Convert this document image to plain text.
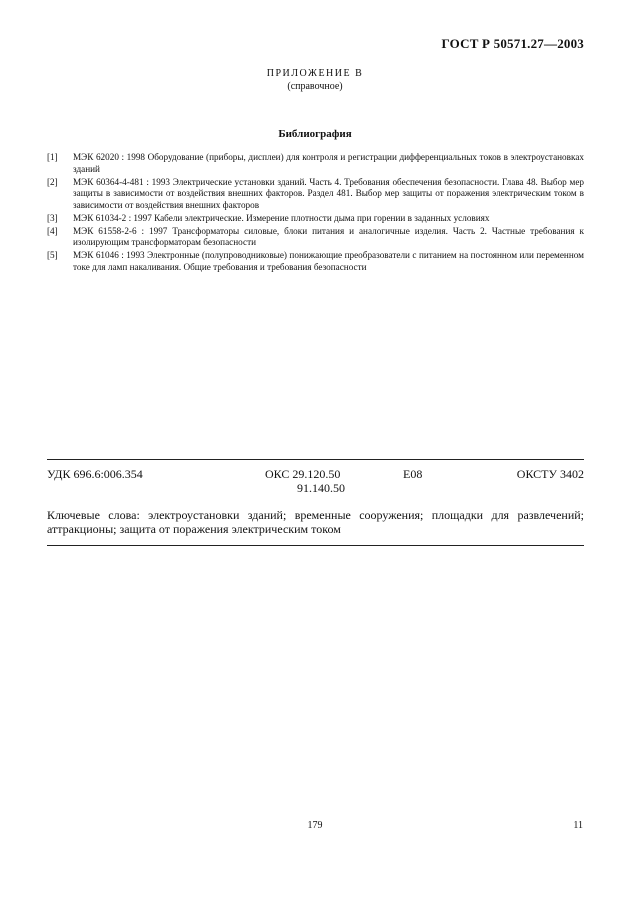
ГОСТ Р 50571.27—2003
ПРИЛОЖЕНИЕ В
(справочное)
Библиография
[1]	МЭК 62020 : 1998 Оборудование (приборы, дисплеи) для контроля и регистрации дифференциальных токов в электроустановках зданий
[2]	МЭК 60364-4-481 : 1993 Электрические установки зданий. Часть 4. Требования обеспечения безопасности. Глава 48. Выбор мер защиты в зависимости от воздействия внешних факторов. Раздел 481. Выбор мер защиты от поражения электрическим током в зависимости от воздействия внешних факторов
[3]	МЭК 61034-2 : 1997 Кабели электрические. Измерение плотности дыма при горении в заданных условиях
[4]	МЭК 61558-2-6 : 1997 Трансформаторы силовые, блоки питания и аналогичные изделия. Часть 2. Частные требования к изолирующим трансформаторам безопасности
[5]	МЭК 61046 : 1993 Электронные (полупроводниковые) понижающие преобразователи с питанием на постоянном или переменном токе для ламп накаливания. Общие требования и требования безопасности
УДК 696.6:006.354	ОКС 29.120.50
91.140.50
Е08	ОКСТУ 3402
Ключевые слова: электроустановки зданий; временные сооружения; площадки для развлечений; аттракционы; защита от поражения электрическим током
179	11
